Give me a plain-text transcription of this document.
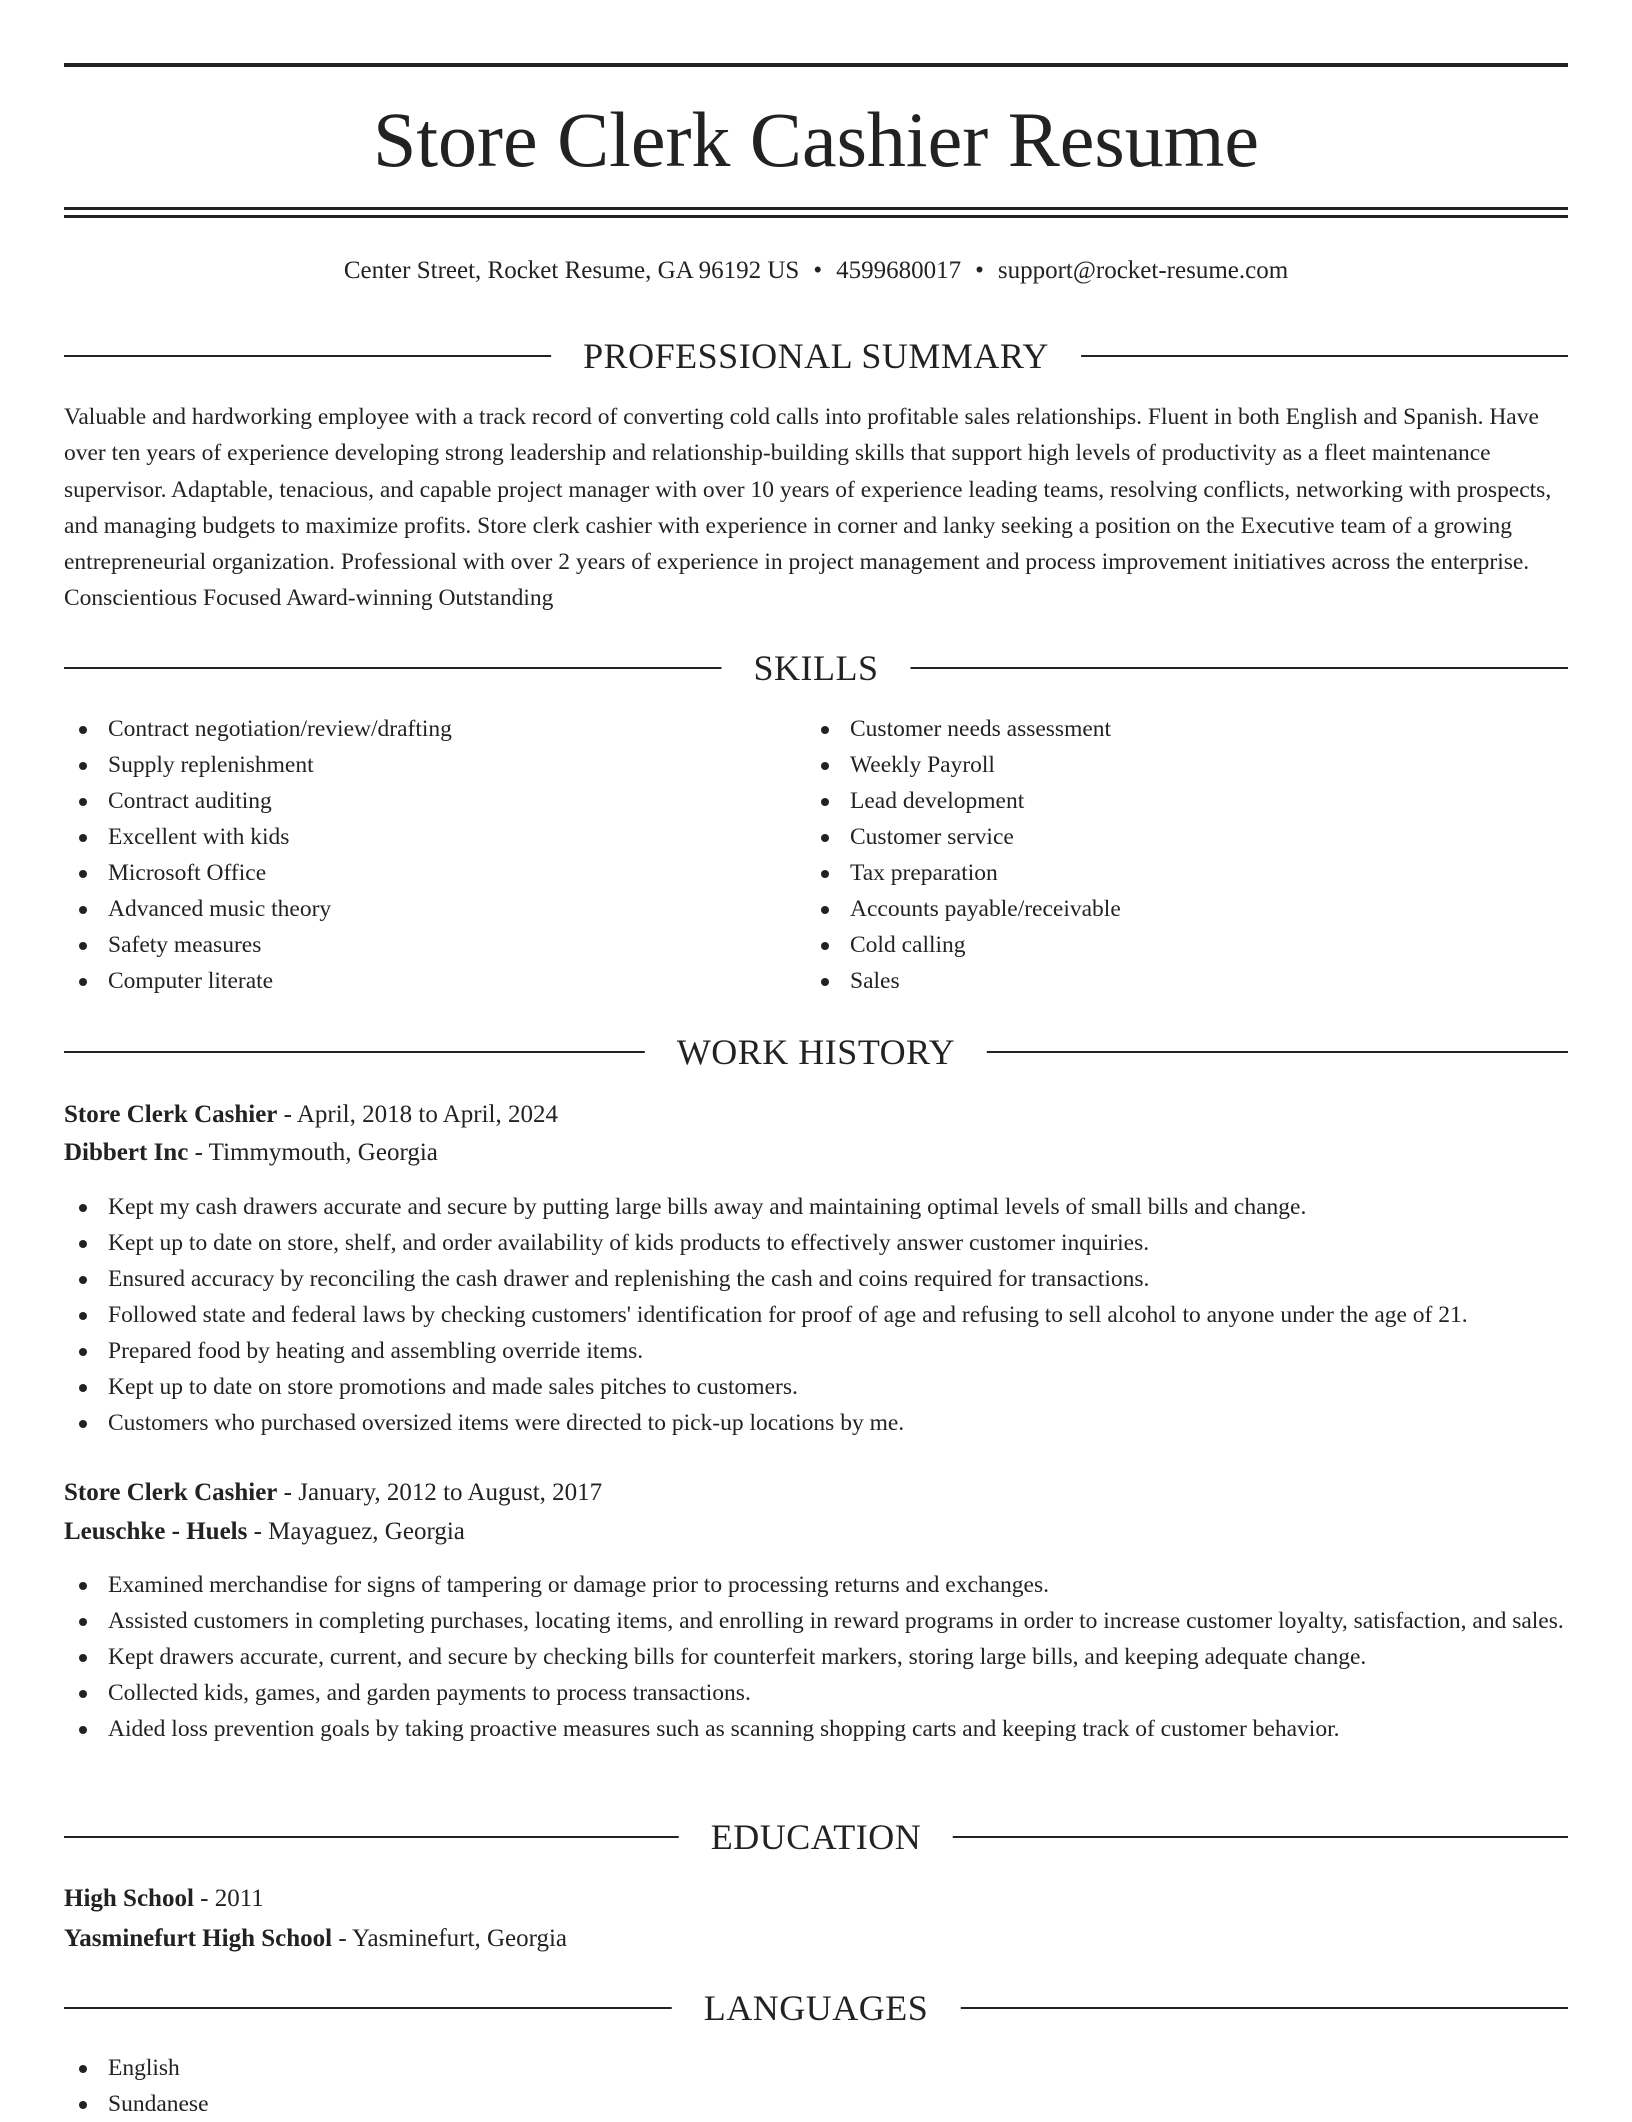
Store Clerk Cashier Resume
Center Street, Rocket Resume, GA 96192 US • 4599680017 • support@rocket-resume.com
PROFESSIONAL SUMMARY

Valuable and hardworking employee with a track record of converting cold calls into profitable sales relationships. Fluent in both English and Spanish. Have over ten years of experience developing strong leadership and relationship-building skills that support high levels of productivity as a fleet maintenance supervisor. Adaptable, tenacious, and capable project manager with over 10 years of experience leading teams, resolving conflicts, networking with prospects, and managing budgets to maximize profits. Store clerk cashier with experience in corner and lanky seeking a position on the Executive team of a growing entrepreneurial organization. Professional with over 2 years of experience in project management and process improvement initiatives across the enterprise. Conscientious Focused Award-winning Outstanding

SKILLS
Contract negotiation/review/drafting
Supply replenishment
Contract auditing
Excellent with kids
Microsoft Office
Advanced music theory
Safety measures
Computer literate
Customer needs assessment
Weekly Payroll
Lead development
Customer service
Tax preparation
Accounts payable/receivable
Cold calling
Sales
WORK HISTORY
Store Clerk Cashier - April, 2018 to April, 2024
Dibbert Inc - Timmymouth, Georgia
Kept my cash drawers accurate and secure by putting large bills away and maintaining optimal levels of small bills and change.
Kept up to date on store, shelf, and order availability of kids products to effectively answer customer inquiries.
Ensured accuracy by reconciling the cash drawer and replenishing the cash and coins required for transactions.
Followed state and federal laws by checking customers' identification for proof of age and refusing to sell alcohol to anyone under the age of 21.
Prepared food by heating and assembling override items.
Kept up to date on store promotions and made sales pitches to customers.
Customers who purchased oversized items were directed to pick-up locations by me.
Store Clerk Cashier - January, 2012 to August, 2017
Leuschke - Huels - Mayaguez, Georgia
Examined merchandise for signs of tampering or damage prior to processing returns and exchanges.
Assisted customers in completing purchases, locating items, and enrolling in reward programs in order to increase customer loyalty, satisfaction, and sales.
Kept drawers accurate, current, and secure by checking bills for counterfeit markers, storing large bills, and keeping adequate change.
Collected kids, games, and garden payments to process transactions.
Aided loss prevention goals by taking proactive measures such as scanning shopping carts and keeping track of customer behavior.
EDUCATION
High School - 2011
Yasminefurt High School - Yasminefurt, Georgia
LANGUAGES
English
Sundanese
